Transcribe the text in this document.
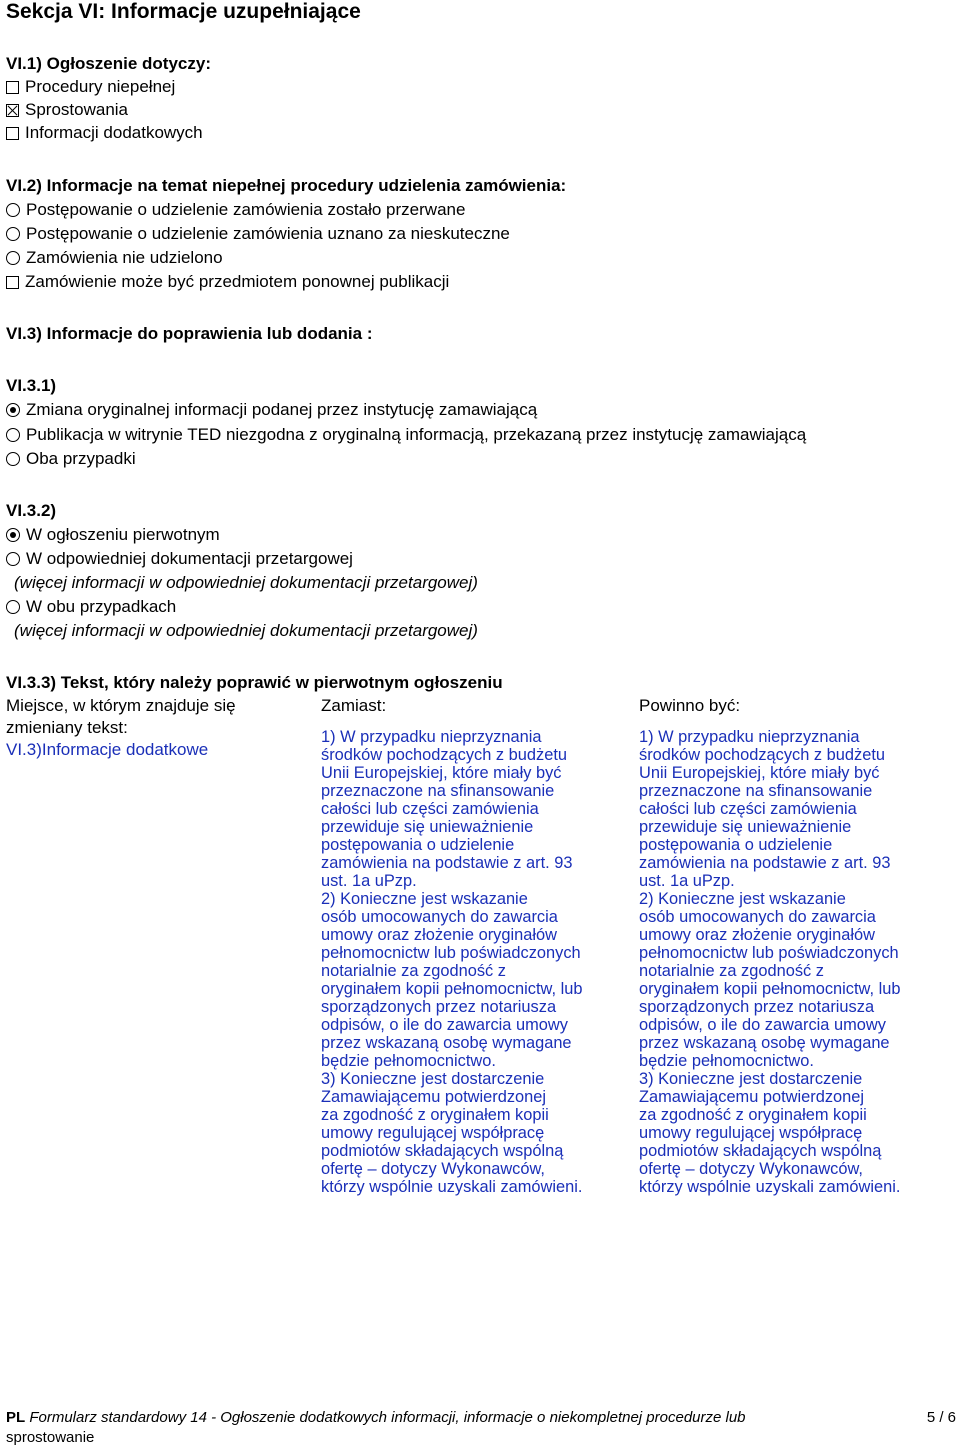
Sekcja VI: Informacje uzupełniające
VI.1) Ogłoszenie dotyczy:
Procedury niepełnej
Sprostowania
Informacji dodatkowych
VI.2) Informacje na temat niepełnej procedury udzielenia zamówienia:
Postępowanie o udzielenie zamówienia zostało przerwane
Postępowanie o udzielenie zamówienia uznano za nieskuteczne
Zamówienia nie udzielono
Zamówienie może być przedmiotem ponownej publikacji
VI.3) Informacje do poprawienia lub dodania :
VI.3.1)
Zmiana oryginalnej informacji podanej przez instytucję zamawiającą
Publikacja w witrynie TED niezgodna z oryginalną informacją, przekazaną przez instytucję zamawiającą
Oba przypadki
VI.3.2)
W ogłoszeniu pierwotnym
W odpowiedniej dokumentacji przetargowej
(więcej informacji w odpowiedniej dokumentacji przetargowej)
W obu przypadkach
(więcej informacji w odpowiedniej dokumentacji przetargowej)
VI.3.3) Tekst, który należy poprawić w pierwotnym ogłoszeniu
Miejsce, w którym znajduje się zmieniany tekst:
VI.3)Informacje dodatkowe
Zamiast:
1) W przypadku nieprzyznania
środków pochodzących z budżetu
Unii Europejskiej, które miały być
przeznaczone na sfinansowanie
całości lub części zamówienia
przewiduje się unieważnienie
postępowania o udzielenie
zamówienia na podstawie z art. 93
ust. 1a uPzp.
2) Konieczne jest wskazanie
osób umocowanych do zawarcia
umowy oraz złożenie oryginałów
pełnomocnictw lub poświadczonych
notarialnie za zgodność z
oryginałem kopii pełnomocnictw, lub
sporządzonych przez notariusza
odpisów, o ile do zawarcia umowy
przez wskazaną osobę wymagane
będzie pełnomocnictwo.
3) Konieczne jest dostarczenie
Zamawiającemu potwierdzonej
za zgodność z oryginałem kopii
umowy regulującej współpracę
podmiotów składających wspólną
ofertę – dotyczy Wykonawców,
którzy wspólnie uzyskali zamówieni.
Powinno być:
1) W przypadku nieprzyznania
środków pochodzących z budżetu
Unii Europejskiej, które miały być
przeznaczone na sfinansowanie
całości lub części zamówienia
przewiduje się unieważnienie
postępowania o udzielenie
zamówienia na podstawie z art. 93
ust. 1a uPzp.
2) Konieczne jest wskazanie
osób umocowanych do zawarcia
umowy oraz złożenie oryginałów
pełnomocnictw lub poświadczonych
notarialnie za zgodność z
oryginałem kopii pełnomocnictw, lub
sporządzonych przez notariusza
odpisów, o ile do zawarcia umowy
przez wskazaną osobę wymagane
będzie pełnomocnictwo.
3) Konieczne jest dostarczenie
Zamawiającemu potwierdzonej
za zgodność z oryginałem kopii
umowy regulującej współpracę
podmiotów składających wspólną
ofertę – dotyczy Wykonawców,
którzy wspólnie uzyskali zamówieni.
PL Formularz standardowy 14 - Ogłoszenie dodatkowych informacji, informacje o niekompletnej procedurze lub
sprostowanie
5 / 6
